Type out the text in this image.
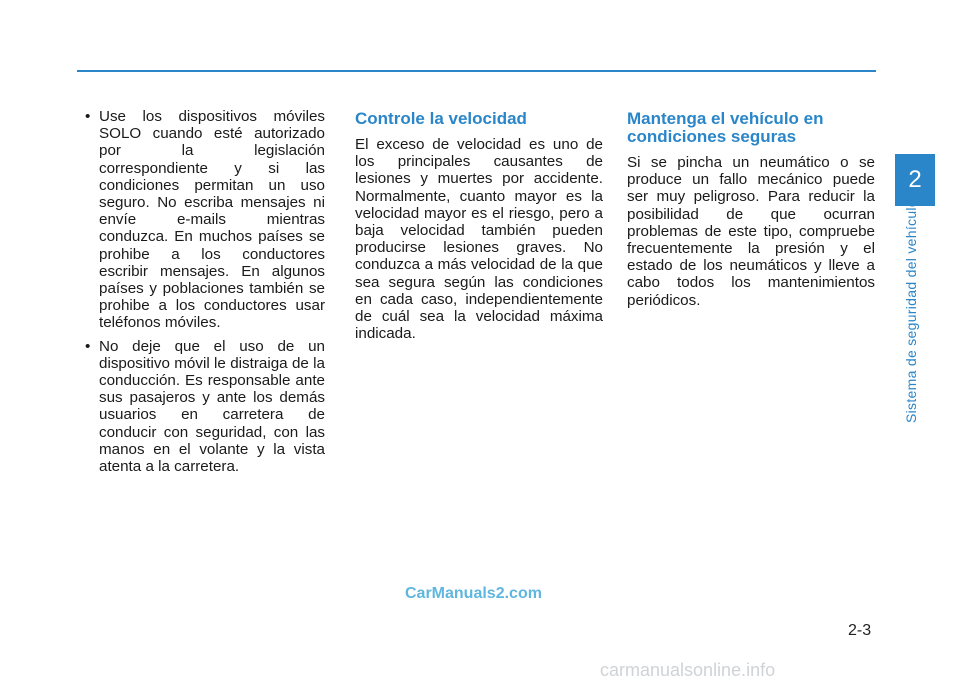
• Use los dispositivos móviles SOLO cuando esté autorizado por la legislación correspondiente y si las condiciones permitan un uso seguro. No escriba mensajes ni envíe e-mails mientras conduzca. En muchos países se prohibe a los conductores escribir mensajes. En algunos países y poblaciones también se prohibe a los conductores usar teléfonos móviles.
• No deje que el uso de un dispositivo móvil le distraiga de la conducción. Es responsable ante sus pasajeros y ante los demás usuarios en carretera de conducir con seguridad, con las manos en el volante y la vista atenta a la carretera.
Controle la velocidad

El exceso de velocidad es uno de los principales causantes de lesiones y muertes por accidente. Normalmente, cuanto mayor es la velocidad mayor es el riesgo, pero a baja velocidad también pueden producirse lesiones graves. No conduzca a más velocidad de la que sea segura según las condiciones en cada caso, independientemente de cuál sea la velocidad máxima indicada.

Mantenga el vehículo en condiciones seguras

Si se pincha un neumático o se produce un fallo mecánico puede ser muy peligroso. Para reducir la posibilidad de que ocurran problemas de este tipo, compruebe frecuentemente la presión y el estado de los neumáticos y lleve a cabo todos los mantenimientos periódicos.

2
Sistema de seguridad del vehículo
2-3
CarManuals2.com
carmanualsonline.info
